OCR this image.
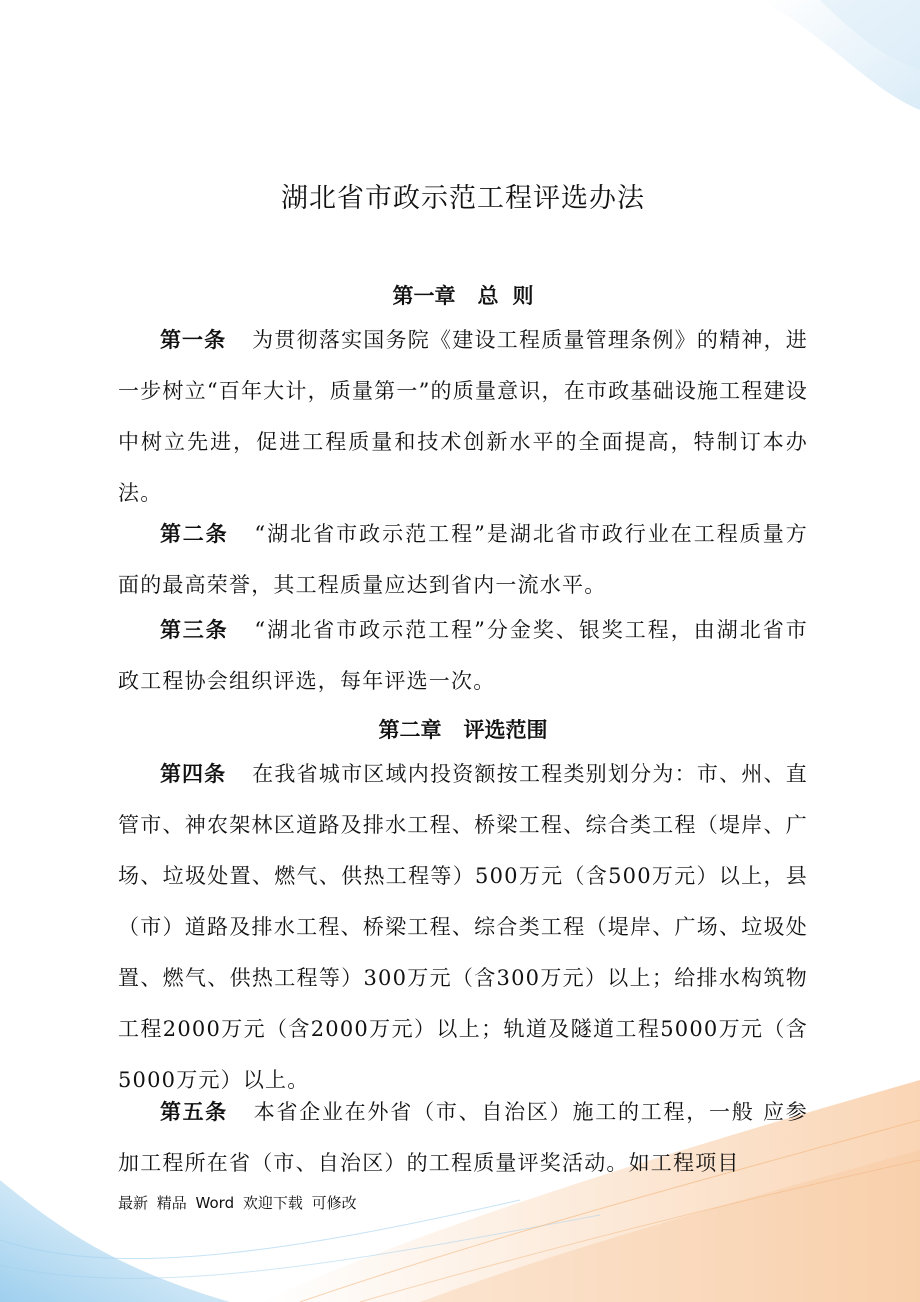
湖北省市政示范工程评选办法
第一章 总 则

第一条 为贯彻落实国务院《建设工程质量管理条例》的精神，进一步树立“百年大计，质量第一”的质量意识，在市政基础设施工程建设中树立先进，促进工程质量和技术创新水平的全面提高，特制订本办法。

第二条 “湖北省市政示范工程”是湖北省市政行业在工程质量方面的最高荣誉，其工程质量应达到省内一流水平。

第三条 “湖北省市政示范工程”分金奖、银奖工程，由湖北省市政工程协会组织评选，每年评选一次。

第二章 评选范围

第四条 在我省城市区域内投资额按工程类别划分为：市、州、直管市、神农架林区道路及排水工程、桥梁工程、综合类工程（堤岸、广场、垃圾处置、燃气、供热工程等）500万元（含500万元）以上，县（市）道路及排水工程、桥梁工程、综合类工程（堤岸、广场、垃圾处置、燃气、供热工程等）300万元（含300万元）以上；给排水构筑物工程2000万元（含2000万元）以上；轨道及隧道工程5000万元（含5000万元）以上。

第五条 本省企业在外省（市、自治区）施工的工程，一般 应参加工程所在省（市、自治区）的工程质量评奖活动。如工程项目

最新 精品 Word 欢迎下载 可修改
